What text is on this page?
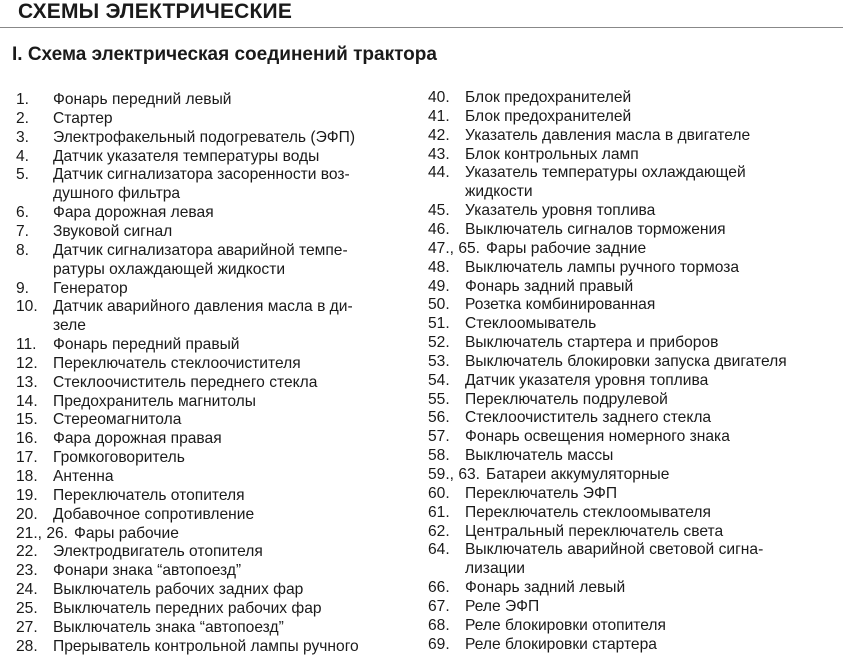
СХЕМЫ ЭЛЕКТРИЧЕСКИЕ
I. Схема электрическая соединений трактора
1. Фонарь передний левый
2. Стартер
3. Электрофакельный подогреватель (ЭФП)
4. Датчик указателя температуры воды
5. Датчик сигнализатора засоренности воз-
душного фильтра
6. Фара дорожная левая
7. Звуковой сигнал
8. Датчик сигнализатора аварийной темпе-
ратуры охлаждающей жидкости
9. Генератор
10. Датчик аварийного давления масла в ди-
зеле
11. Фонарь передний правый
12. Переключатель стеклоочистителя
13. Стеклоочиститель переднего стекла
14. Предохранитель магнитолы
15. Стереомагнитола
16. Фара дорожная правая
17. Громкоговоритель
18. Антенна
19. Переключатель отопителя
20. Добавочное сопротивление
21., 26. Фары рабочие
22. Электродвигатель отопителя
23. Фонари знака “автопоезд”
24. Выключатель рабочих задних фар
25. Выключатель передних рабочих фар
27. Выключатель знака “автопоезд”
28. Прерыватель контрольной лампы ручного
40. Блок предохранителей
41. Блок предохранителей
42. Указатель давления масла в двигателе
43. Блок контрольных ламп
44. Указатель температуры охлаждающей
жидкости
45. Указатель уровня топлива
46. Выключатель сигналов торможения
47., 65. Фары рабочие задние
48. Выключатель лампы ручного тормоза
49. Фонарь задний правый
50. Розетка комбинированная
51. Стеклоомыватель
52. Выключатель стартера и приборов
53. Выключатель блокировки запуска двигателя
54. Датчик указателя уровня топлива
55. Переключатель подрулевой
56. Стеклоочиститель заднего стекла
57. Фонарь освещения номерного знака
58. Выключатель массы
59., 63. Батареи аккумуляторные
60. Переключатель ЭФП
61. Переключатель стеклоомывателя
62. Центральный переключатель света
64. Выключатель аварийной световой сигна-
лизации
66. Фонарь задний левый
67. Реле ЭФП
68. Реле блокировки отопителя
69. Реле блокировки стартера
